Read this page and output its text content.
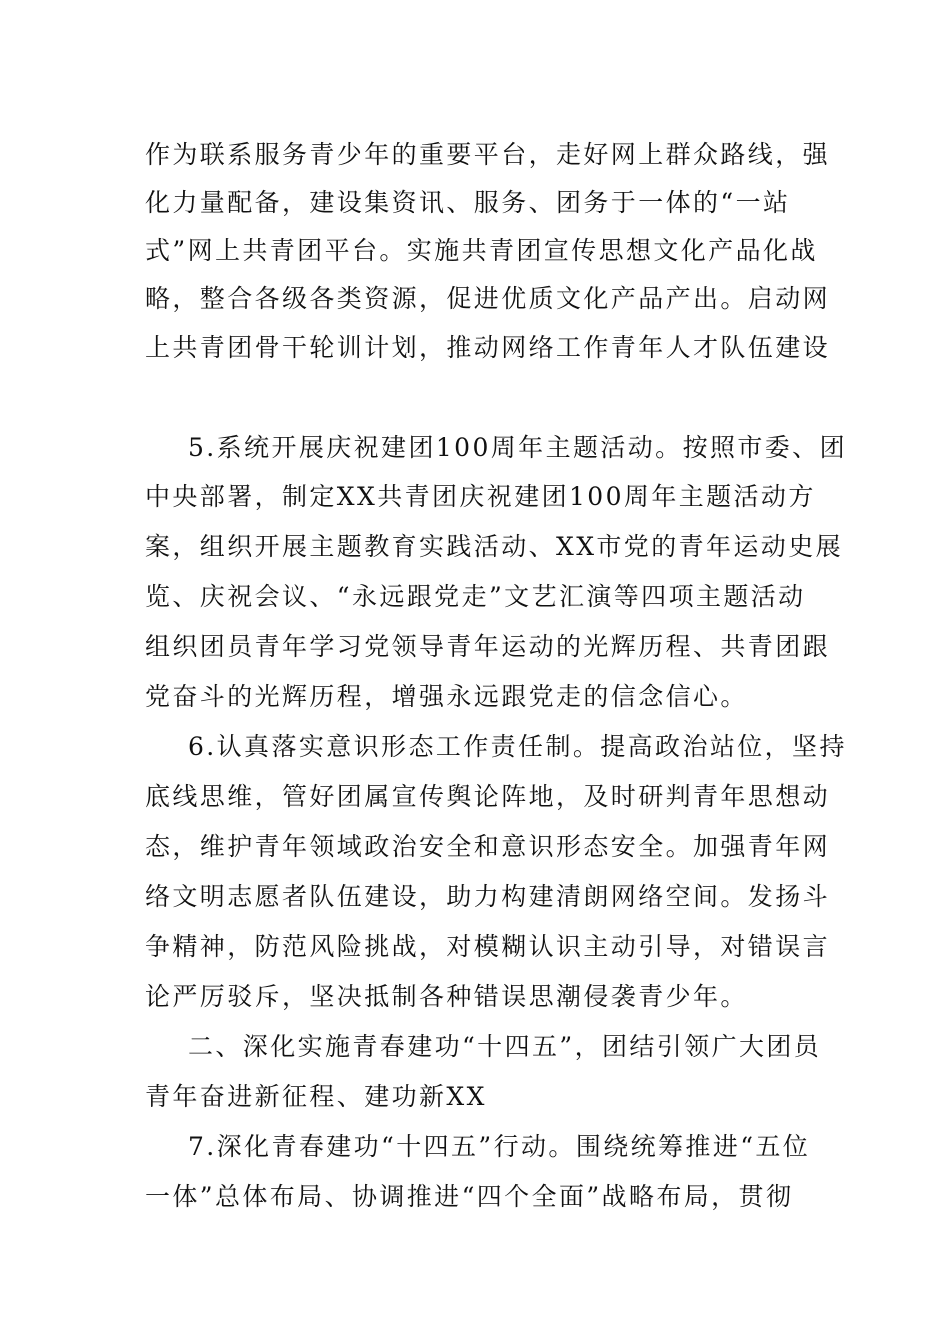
作为联系服务青少年的重要平台，走好网上群众路线，强
化力量配备，建设集资讯、服务、团务于一体的“一站
式”网上共青团平台。实施共青团宣传思想文化产品化战
略，整合各级各类资源，促进优质文化产品产出。启动网
上共青团骨干轮训计划，推动网络工作青年人才队伍建设
5.系统开展庆祝建团100周年主题活动。按照市委、团
中央部署，制定XX共青团庆祝建团100周年主题活动方
案，组织开展主题教育实践活动、XX市党的青年运动史展
览、庆祝会议、“永远跟党走”文艺汇演等四项主题活动
组织团员青年学习党领导青年运动的光辉历程、共青团跟
党奋斗的光辉历程，增强永远跟党走的信念信心。
6.认真落实意识形态工作责任制。提高政治站位，坚持
底线思维，管好团属宣传舆论阵地，及时研判青年思想动
态，维护青年领域政治安全和意识形态安全。加强青年网
络文明志愿者队伍建设，助力构建清朗网络空间。发扬斗
争精神，防范风险挑战，对模糊认识主动引导，对错误言
论严厉驳斥，坚决抵制各种错误思潮侵袭青少年。
二、深化实施青春建功“十四五”，团结引领广大团员
青年奋进新征程、建功新XX
7.深化青春建功“十四五”行动。围绕统筹推进“五位
一体”总体布局、协调推进“四个全面”战略布局，贯彻
